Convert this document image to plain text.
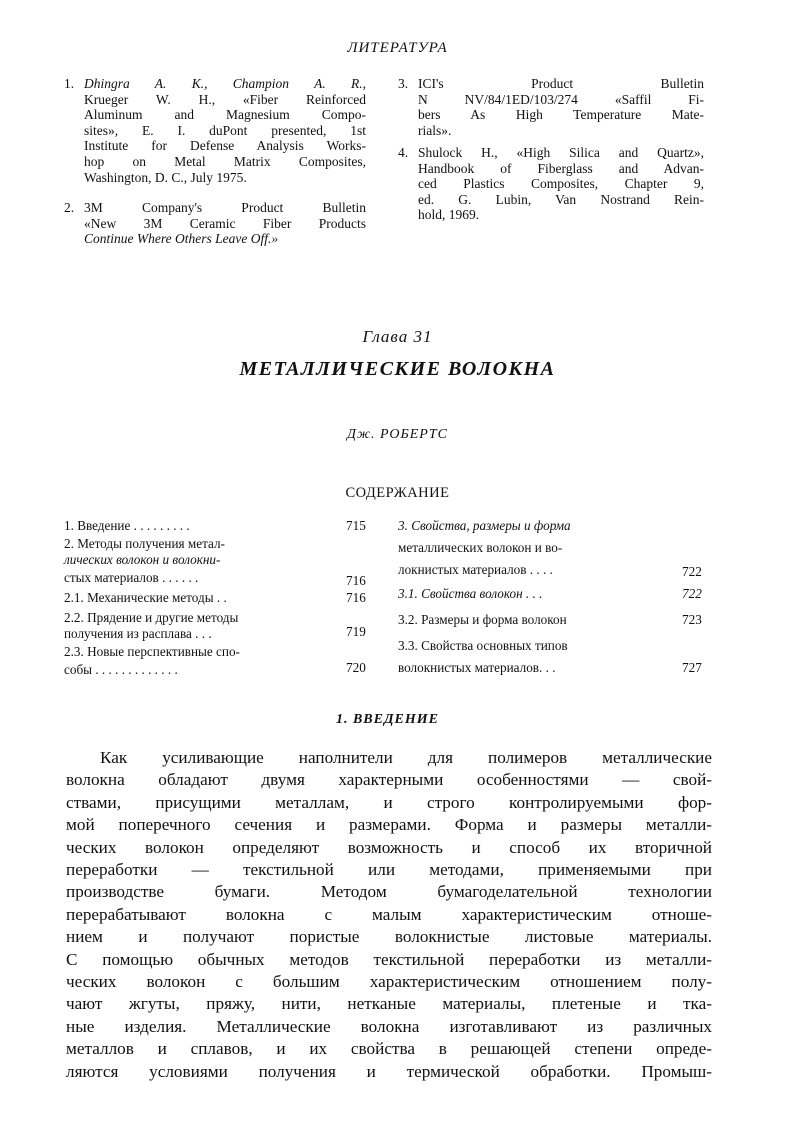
ЛИТЕРАТУРА
1. Dhingra A. K., Champion A. R.,
Krueger W. H., «Fiber Reinforced
Aluminum and Magnesium Compo-
sites», E. I. duPont presented, 1st
Institute for Defense Analysis Works-
hop on Metal Matrix Composites,
Washington, D. C., July 1975.
2. 3M Company's Product Bulletin
«New 3M Ceramic Fiber Products
Continue Where Others Leave Off.»
3. ICI's Product Bulletin
N NV/84/1ED/103/274 «Saffil Fi-
bers As High Temperature Mate-
rials».
4. Shulock H., «High Silica and Quartz»,
Handbook of Fiberglass and Advan-
ced Plastics Composites, Chapter 9,
ed. G. Lubin, Van Nostrand Rein-
hold, 1969.
Глава 31
МЕТАЛЛИЧЕСКИЕ ВОЛОКНА
Дж. РОБЕРТС
СОДЕРЖАНИЕ
1. Введение . . . . . . . . .	715
2. Методы получения метал-
лических волокон и волокни-
стых материалов . . . . . .	716
2.1. Механические методы . .	716
2.2. Прядение и другие методы
получения из расплава . . .	719
2.3. Новые перспективные спо-
собы . . . . . . . . . . . . .	720
3. Свойства, размеры и форма
металлических волокон и во-
локнистых материалов . . . .	722
3.1. Свойства волокон . . .	722
3.2. Размеры и форма волокон	723
3.3. Свойства основных типов
волокнистых материалов. . .	727
1. ВВЕДЕНИЕ
Как усиливающие наполнители для полимеров металлические
волокна обладают двумя характерными особенностями — свой-
ствами, присущими металлам, и строго контролируемыми фор-
мой поперечного сечения и размерами. Форма и размеры металли-
ческих волокон определяют возможность и способ их вторичной
переработки — текстильной или методами, применяемыми при
производстве бумаги. Методом бумагоделательной технологии
перерабатывают волокна с малым характеристическим отноше-
нием и получают пористые волокнистые листовые материалы.
С помощью обычных методов текстильной переработки из металли-
ческих волокон с большим характеристическим отношением полу-
чают жгуты, пряжу, нити, нетканые материалы, плетеные и тка-
ные изделия. Металлические волокна изготавливают из различных
металлов и сплавов, и их свойства в решающей степени опреде-
ляются условиями получения и термической обработки. Промыш-
